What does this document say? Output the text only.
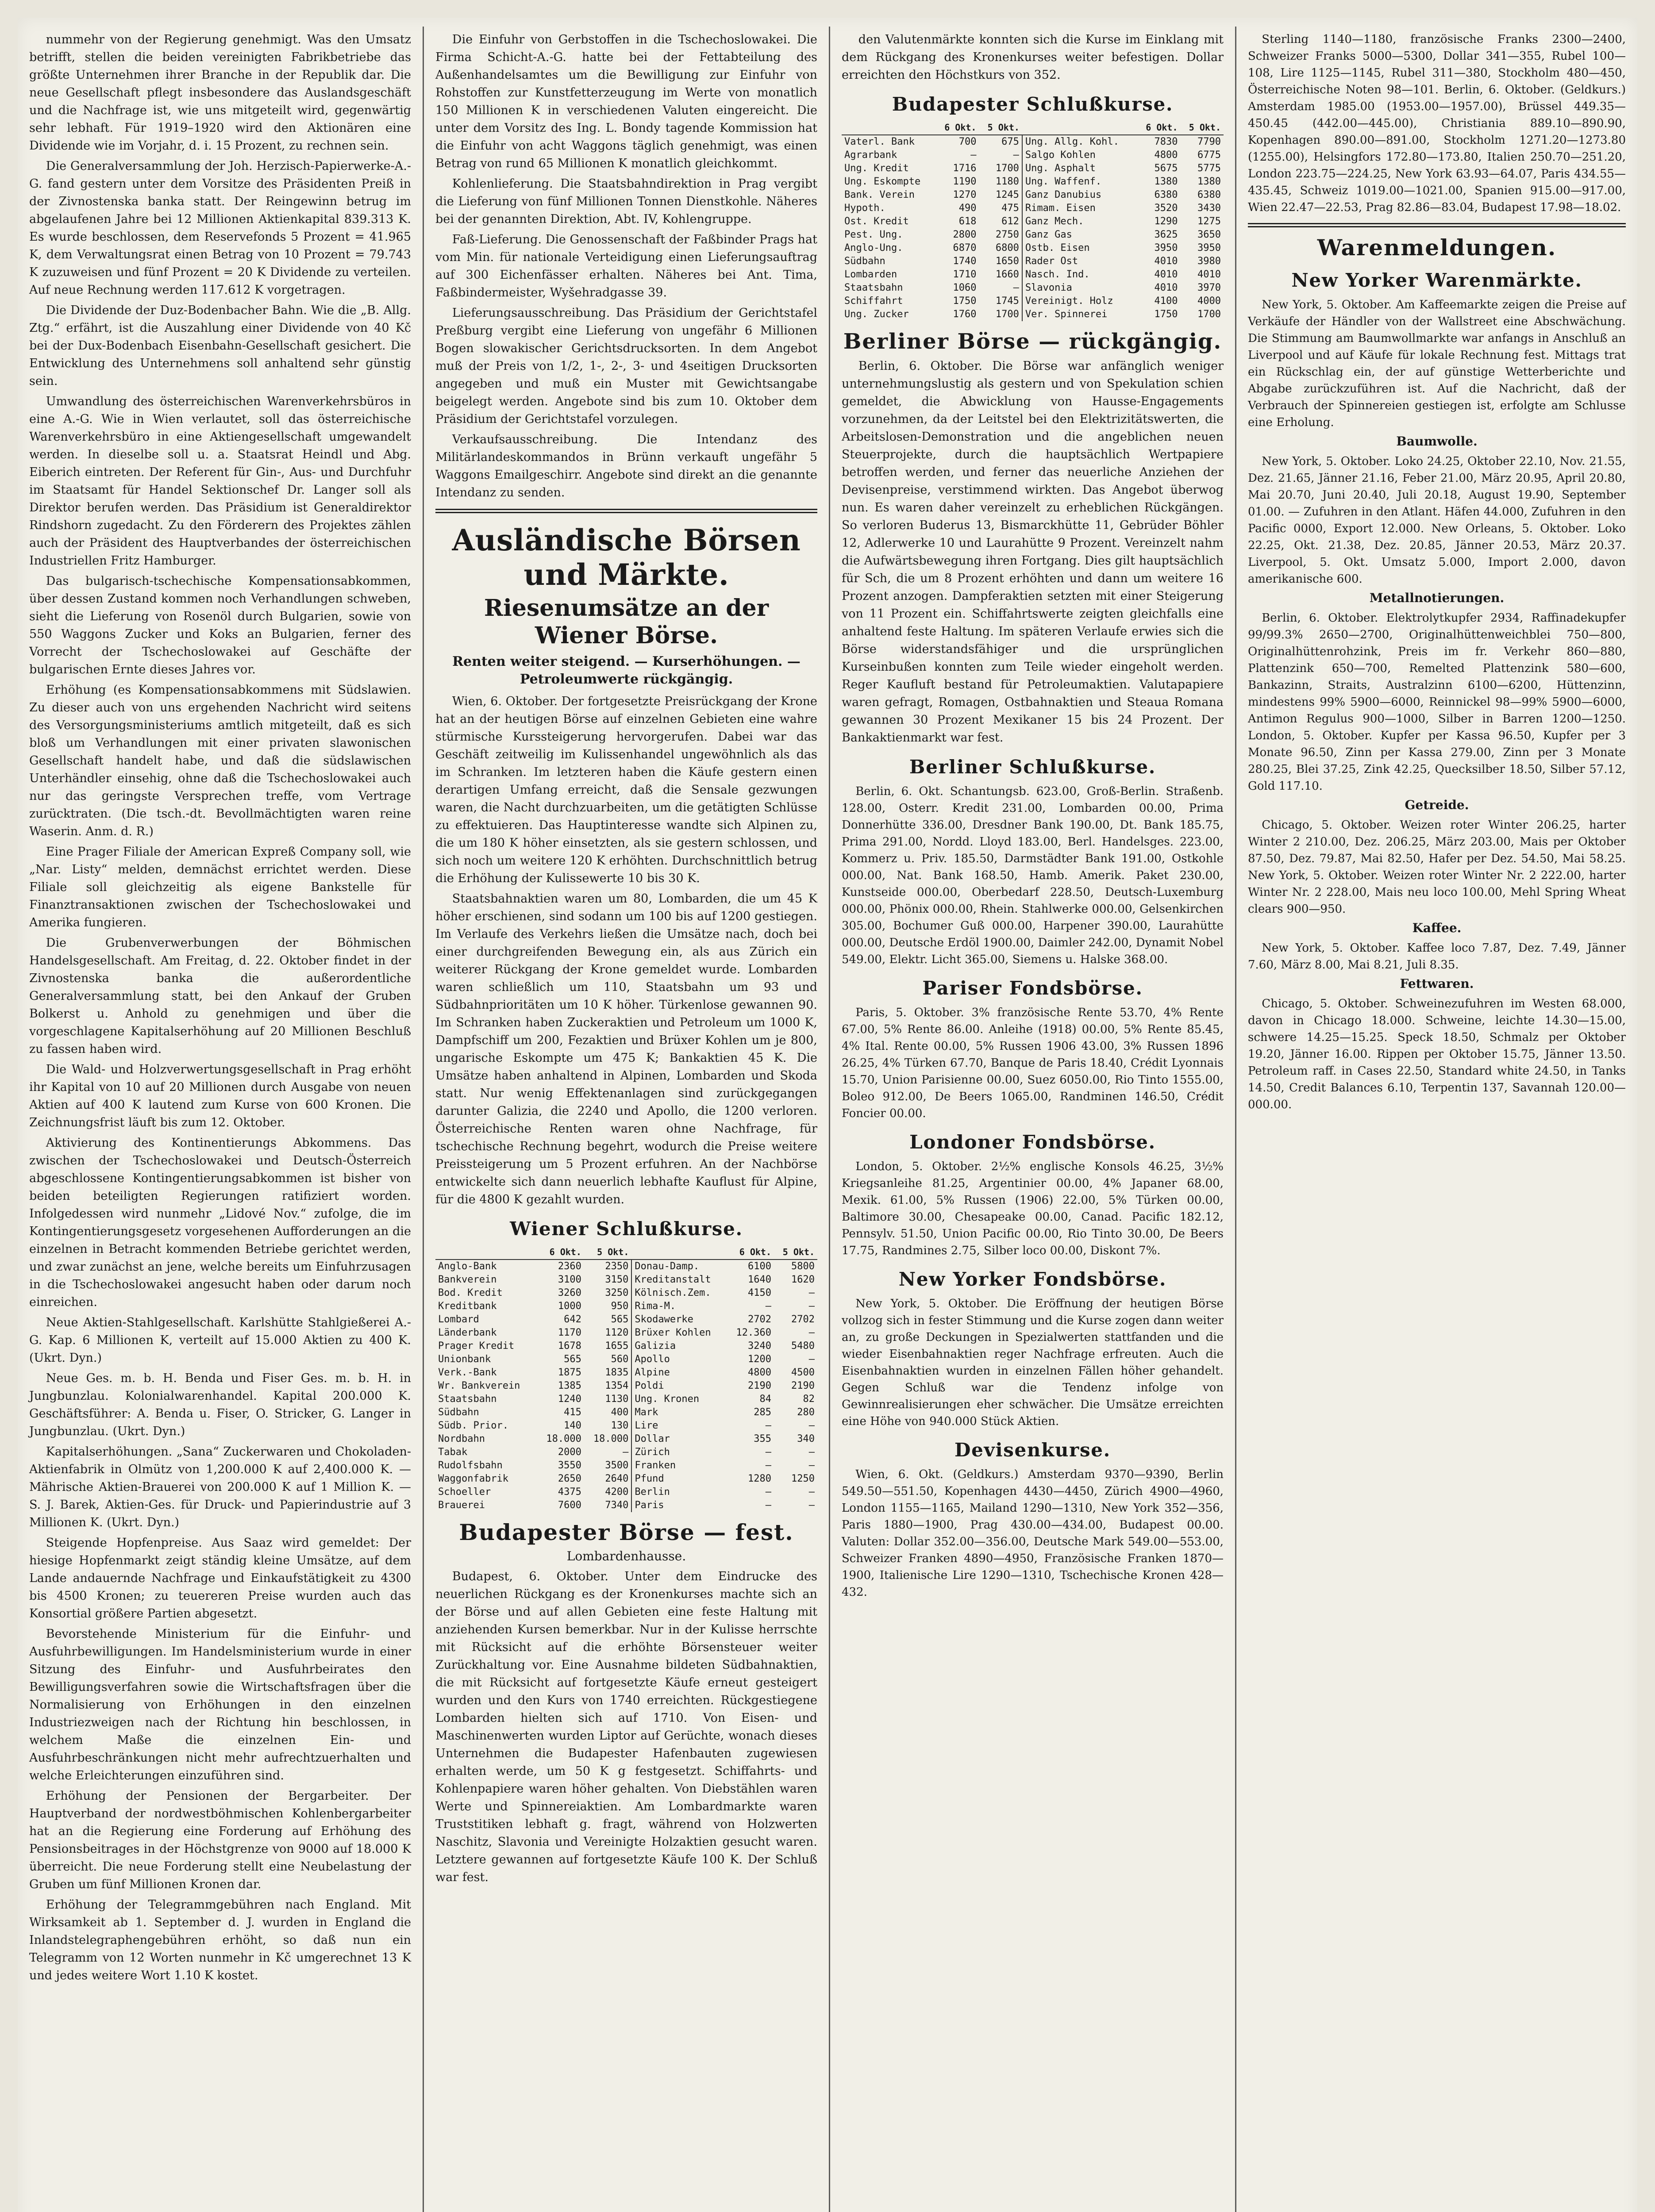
nummehr von der Regierung genehmigt. Was den Umsatz betrifft, stellen die beiden vereinigten Fabrikbetriebe das größte Unternehmen ihrer Branche in der Republik dar. Die neue Gesellschaft pflegt insbesondere das Auslandsgeschäft und die Nachfrage ist, wie uns mitgeteilt wird, gegenwärtig sehr lebhaft. Für 1919–1920 wird den Aktionären eine Dividende wie im Vorjahr, d. i. 15 Prozent, zu rechnen sein.

Die Generalversammlung der Joh. Herzisch-Papierwerke-A.-G. fand gestern unter dem Vorsitze des Präsidenten Preiß in der Zivnostenska banka statt. Der Reingewinn betrug im abgelaufenen Jahre bei 12 Millionen Aktienkapital 839.313 K. Es wurde beschlossen, dem Reservefonds 5 Prozent = 41.965 K, dem Verwaltungsrat einen Betrag von 10 Prozent = 79.743 K zuzuweisen und fünf Prozent = 20 K Dividende zu verteilen. Auf neue Rechnung werden 117.612 K vorgetragen.

Die Dividende der Duz-Bodenbacher Bahn. Wie die „B. Allg. Ztg.“ erfährt, ist die Auszahlung einer Dividende von 40 Kč bei der Dux-Bodenbach Eisenbahn-Gesellschaft gesichert. Die Entwicklung des Unternehmens soll anhaltend sehr günstig sein.

Umwandlung des österreichischen Warenverkehrsbüros in eine A.-G. Wie in Wien verlautet, soll das österreichische Warenverkehrsbüro in eine Aktiengesellschaft umgewandelt werden. In dieselbe soll u. a. Staatsrat Heindl und Abg. Eiberich eintreten. Der Referent für Gin-, Aus- und Durchfuhr im Staatsamt für Handel Sektionschef Dr. Langer soll als Direktor berufen werden. Das Präsidium ist Generaldirektor Rindshorn zugedacht. Zu den Förderern des Projektes zählen auch der Präsident des Hauptverbandes der österreichischen Industriellen Fritz Hamburger.

Das bulgarisch-tschechische Kompensationsabkommen, über dessen Zustand kommen noch Verhandlungen schweben, sieht die Lieferung von Rosenöl durch Bulgarien, sowie von 550 Waggons Zucker und Koks an Bulgarien, ferner des Vorrecht der Tschechoslowakei auf Geschäfte der bulgarischen Ernte dieses Jahres vor.

Erhöhung (es Kompensationsabkommens mit Südslawien. Zu dieser auch von uns ergehenden Nachricht wird seitens des Versorgungsministeriums amtlich mitgeteilt, daß es sich bloß um Verhandlungen mit einer privaten slawonischen Gesellschaft handelt habe, und daß die südslawischen Unterhändler einsehig, ohne daß die Tschechoslowakei auch nur das geringste Versprechen treffe, vom Vertrage zurücktraten. (Die tsch.-dt. Bevollmächtigten waren reine Waserin. Anm. d. R.)

Eine Prager Filiale der American Expreß Company soll, wie „Nar. Listy“ melden, demnächst errichtet werden. Diese Filiale soll gleichzeitig als eigene Bankstelle für Finanztransaktionen zwischen der Tschechoslowakei und Amerika fungieren.

Die Grubenverwerbungen der Böhmischen Handelsgesellschaft. Am Freitag, d. 22. Oktober findet in der Zivnostenska banka die außerordentliche Generalversammlung statt, bei den Ankauf der Gruben Bolkerst u. Anhold zu genehmigen und über die vorgeschlagene Kapitalserhöhung auf 20 Millionen Beschluß zu fassen haben wird.

Die Wald- und Holzverwertungsgesellschaft in Prag erhöht ihr Kapital von 10 auf 20 Millionen durch Ausgabe von neuen Aktien auf 400 K lautend zum Kurse von 600 Kronen. Die Zeichnungsfrist läuft bis zum 12. Oktober.

Aktivierung des Kontinentierungs Abkommens. Das zwischen der Tschechoslowakei und Deutsch-Österreich abgeschlossene Kontingentierungsabkommen ist bisher von beiden beteiligten Regierungen ratifiziert worden. Infolgedessen wird nunmehr „Lidové Nov.“ zufolge, die im Kontingentierungsgesetz vorgesehenen Aufforderungen an die einzelnen in Betracht kommenden Betriebe gerichtet werden, und zwar zunächst an jene, welche bereits um Einfuhrzusagen in die Tschechoslowakei angesucht haben oder darum noch einreichen.

Neue Aktien-Stahlgesellschaft. Karlshütte Stahlgießerei A.-G. Kap. 6 Millionen K, verteilt auf 15.000 Aktien zu 400 K. (Ukrt. Dyn.)

Neue Ges. m. b. H. Benda und Fiser Ges. m. b. H. in Jungbunzlau. Kolonialwarenhandel. Kapital 200.000 K. Geschäftsführer: A. Benda u. Fiser, O. Stricker, G. Langer in Jungbunzlau. (Ukrt. Dyn.)

Kapitalserhöhungen. „Sana“ Zuckerwaren und Chokoladen-Aktienfabrik in Olmütz von 1,200.000 K auf 2,400.000 K. — Mährische Aktien-Brauerei von 200.000 K auf 1 Million K. — S. J. Barek, Aktien-Ges. für Druck- und Papierindustrie auf 3 Millionen K. (Ukrt. Dyn.)

Steigende Hopfenpreise. Aus Saaz wird gemeldet: Der hiesige Hopfenmarkt zeigt ständig kleine Umsätze, auf dem Lande andauernde Nachfrage und Einkaufstätigkeit zu 4300 bis 4500 Kronen; zu teuereren Preise wurden auch das Konsortial größere Partien abgesetzt.

Bevorstehende Ministerium für die Einfuhr- und Ausfuhrbewilligungen. Im Handelsministerium wurde in einer Sitzung des Einfuhr- und Ausfuhrbeirates den Bewilligungsverfahren sowie die Wirtschaftsfragen über die Normalisierung von Erhöhungen in den einzelnen Industriezweigen nach der Richtung hin beschlossen, in welchem Maße die einzelnen Ein- und Ausfuhrbeschränkungen nicht mehr aufrechtzuerhalten und welche Erleichterungen einzuführen sind.

Erhöhung der Pensionen der Bergarbeiter. Der Hauptverband der nordwestböhmischen Kohlenbergarbeiter hat an die Regierung eine Forderung auf Erhöhung des Pensionsbeitrages in der Höchstgrenze von 9000 auf 18.000 K überreicht. Die neue Forderung stellt eine Neubelastung der Gruben um fünf Millionen Kronen dar.

Erhöhung der Telegrammgebühren nach England. Mit Wirksamkeit ab 1. September d. J. wurden in England die Inlandstelegraphengebühren erhöht, so daß nun ein Telegramm von 12 Worten nunmehr in Kč umgerechnet 13 K und jedes weitere Wort 1.10 K kostet.

Die Einfuhr von Gerbstoffen in die Tschechoslowakei. Die Firma Schicht-A.-G. hatte bei der Fettabteilung des Außenhandelsamtes um die Bewilligung zur Einfuhr von Rohstoffen zur Kunstfetterzeugung im Werte von monatlich 150 Millionen K in verschiedenen Valuten eingereicht. Die unter dem Vorsitz des Ing. L. Bondy tagende Kommission hat die Einfuhr von acht Waggons täglich genehmigt, was einen Betrag von rund 65 Millionen K monatlich gleichkommt.

Kohlenlieferung. Die Staatsbahndirektion in Prag vergibt die Lieferung von fünf Millionen Tonnen Dienstkohle. Näheres bei der genannten Direktion, Abt. IV, Kohlengruppe.

Faß-Lieferung. Die Genossenschaft der Faßbinder Prags hat vom Min. für nationale Verteidigung einen Lieferungsauftrag auf 300 Eichenfässer erhalten. Näheres bei Ant. Tima, Faßbindermeister, Wyšehradgasse 39.

Lieferungsausschreibung. Das Präsidium der Gerichtstafel Preßburg vergibt eine Lieferung von ungefähr 6 Millionen Bogen slowakischer Gerichtsdrucksorten. In dem Angebot muß der Preis von 1/2, 1-, 2-, 3- und 4seitigen Drucksorten angegeben und muß ein Muster mit Gewichtsangabe beigelegt werden. Angebote sind bis zum 10. Oktober dem Präsidium der Gerichtstafel vorzulegen.

Verkaufsausschreibung. Die Intendanz des Militärlandeskommandos in Brünn verkauft ungefähr 5 Waggons Emailgeschirr. Angebote sind direkt an die genannte Intendanz zu senden.

Ausländische Börsen und Märkte.
Riesenumsätze an der Wiener Börse.
Renten weiter steigend. — Kurserhöhungen. — Petroleumwerte rückgängig.

Wien, 6. Oktober. Der fortgesetzte Preisrückgang der Krone hat an der heutigen Börse auf einzelnen Gebieten eine wahre stürmische Kurssteigerung hervorgerufen. Dabei war das Geschäft zeitweilig im Kulissenhandel ungewöhnlich als das im Schranken. Im letzteren haben die Käufe gestern einen derartigen Umfang erreicht, daß die Sensale gezwungen waren, die Nacht durchzuarbeiten, um die getätigten Schlüsse zu effektuieren. Das Hauptinteresse wandte sich Alpinen zu, die um 180 K höher einsetzten, als sie gestern schlossen, und sich noch um weitere 120 K erhöhten. Durchschnittlich betrug die Erhöhung der Kulissewerte 10 bis 30 K.

Staatsbahnaktien waren um 80, Lombarden, die um 45 K höher erschienen, sind sodann um 100 bis auf 1200 gestiegen. Im Verlaufe des Verkehrs ließen die Umsätze nach, doch bei einer durchgreifenden Bewegung ein, als aus Zürich ein weiterer Rückgang der Krone gemeldet wurde. Lombarden waren schließlich um 110, Staatsbahn um 93 und Südbahnprioritäten um 10 K höher. Türkenlose gewannen 90. Im Schranken haben Zuckeraktien und Petroleum um 1000 K, Dampfschiff um 200, Fezaktien und Brüxer Kohlen um je 800, ungarische Eskompte um 475 K; Bankaktien 45 K. Die Umsätze haben anhaltend in Alpinen, Lombarden und Skoda statt. Nur wenig Effektenanlagen sind zurückgegangen darunter Galizia, die 2240 und Apollo, die 1200 verloren. Österreichische Renten waren ohne Nachfrage, für tschechische Rechnung begehrt, wodurch die Preise weitere Preissteigerung um 5 Prozent erfuhren. An der Nachbörse entwickelte sich dann neuerlich lebhafte Kauflust für Alpine, für die 4800 K gezahlt wurden.

Wiener Schlußkurse.
	6 Okt.	5 Okt.		6 Okt.	5 Okt.
Anglo-Bank	2360	2350	Donau-Damp.	6100	5800
Bankverein	3100	3150	Kreditanstalt	1640	1620
Bod. Kredit	3260	3250	Kölnisch.Zem.	4150	—
Kreditbank	1000	950	Rima-M.	—	—
Lombard	642	565	Skodawerke	2702	2702
Länderbank	1170	1120	Brüxer Kohlen	12.360	—
Prager Kredit	1678	1655	Galizia	3240	5480
Unionbank	565	560	Apollo	1200	—
Verk.-Bank	1875	1835	Alpine	4800	4500
Wr. Bankverein	1385	1354	Poldi	2190	2190
Staatsbahn	1240	1130	Ung. Kronen	84	82
Südbahn	415	400	Mark	285	280
Südb. Prior.	140	130	Lire	—	—
Nordbahn	18.000	18.000	Dollar	355	340
Tabak	2000	—	Zürich	—	—
Rudolfsbahn	3550	3500	Franken	—	—
Waggonfabrik	2650	2640	Pfund	1280	1250
Schoeller	4375	4200	Berlin	—	—
Brauerei	7600	7340	Paris	—	—
Budapester Börse — fest.
Lombardenhausse.

Budapest, 6. Oktober. Unter dem Eindrucke des neuerlichen Rückgang es der Kronenkurses machte sich an der Börse und auf allen Gebieten eine feste Haltung mit anziehenden Kursen bemerkbar. Nur in der Kulisse herrschte mit Rücksicht auf die erhöhte Börsensteuer weiter Zurückhaltung vor. Eine Ausnahme bildeten Südbahnaktien, die mit Rücksicht auf fortgesetzte Käufe erneut gesteigert wurden und den Kurs von 1740 erreichten. Rückgestiegene Lombarden hielten sich auf 1710. Von Eisen- und Maschinenwerten wurden Liptor auf Gerüchte, wonach dieses Unternehmen die Budapester Hafenbauten zugewiesen erhalten werde, um 50 K g festgesetzt. Schiffahrts- und Kohlenpapiere waren höher gehalten. Von Diebstählen waren Werte und Spinnereiaktien. Am Lombardmarkte waren Truststitiken lebhaft g. fragt, während von Holzwerten Naschitz, Slavonia und Vereinigte Holzaktien gesucht waren. Letztere gewannen auf fortgesetzte Käufe 100 K. Der Schluß war fest.

den Valutenmärkte konnten sich die Kurse im Einklang mit dem Rückgang des Kronenkurses weiter befestigen. Dollar erreichten den Höchstkurs von 352.

Budapester Schlußkurse.
	6 Okt.	5 Okt.		6 Okt.	5 Okt.
Vaterl. Bank	700	675	Ung. Allg. Kohl.	7830	7790
Agrarbank	—	—	Salgo Kohlen	4800	6775
Ung. Kredit	1716	1700	Ung. Asphalt	5675	5775
Ung. Eskompte	1190	1180	Ung. Waffenf.	1380	1380
Bank. Verein	1270	1245	Ganz Danubius	6380	6380
Hypoth.	490	475	Rimam. Eisen	3520	3430
Ost. Kredit	618	612	Ganz Mech.	1290	1275
Pest. Ung.	2800	2750	Ganz Gas	3625	3650
Anglo-Ung.	6870	6800	Ostb. Eisen	3950	3950
Südbahn	1740	1650	Rader Ost	4010	3980
Lombarden	1710	1660	Nasch. Ind.	4010	4010
Staatsbahn	1060	—	Slavonia	4010	3970
Schiffahrt	1750	1745	Vereinigt. Holz	4100	4000
Ung. Zucker	1760	1700	Ver. Spinnerei	1750	1700
Berliner Börse — rückgängig.

Berlin, 6. Oktober. Die Börse war anfänglich weniger unternehmungslustig als gestern und von Spekulation schien gemeldet, die Abwicklung von Hausse-Engagements vorzunehmen, da der Leitstel bei den Elektrizitätswerten, die Arbeitslosen-Demonstration und die angeblichen neuen Steuerprojekte, durch die hauptsächlich Wertpapiere betroffen werden, und ferner das neuerliche Anziehen der Devisenpreise, verstimmend wirkten. Das Angebot überwog nun. Es waren daher vereinzelt zu erheblichen Rückgängen. So verloren Buderus 13, Bismarckhütte 11, Gebrüder Böhler 12, Adlerwerke 10 und Laurahütte 9 Prozent. Vereinzelt nahm die Aufwärtsbewegung ihren Fortgang. Dies gilt hauptsächlich für Sch, die um 8 Prozent erhöhten und dann um weitere 16 Prozent anzogen. Dampferaktien setzten mit einer Steigerung von 11 Prozent ein. Schiffahrtswerte zeigten gleichfalls eine anhaltend feste Haltung. Im späteren Verlaufe erwies sich die Börse widerstandsfähiger und die ursprünglichen Kurseinbußen konnten zum Teile wieder eingeholt werden. Reger Kaufluft bestand für Petroleumaktien. Valutapapiere waren gefragt, Romagen, Ostbahnaktien und Steaua Romana gewannen 30 Prozent Mexikaner 15 bis 24 Prozent. Der Bankaktienmarkt war fest.

Berliner Schlußkurse.

Berlin, 6. Okt. Schantungsb. 623.00, Groß-Berlin. Straßenb. 128.00, Osterr. Kredit 231.00, Lombarden 00.00, Prima Donnerhütte 336.00, Dresdner Bank 190.00, Dt. Bank 185.75, Prima 291.00, Nordd. Lloyd 183.00, Berl. Handelsges. 223.00, Kommerz u. Priv. 185.50, Darmstädter Bank 191.00, Ostkohle 000.00, Nat. Bank 168.50, Hamb. Amerik. Paket 230.00, Kunstseide 000.00, Oberbedarf 228.50, Deutsch-Luxemburg 000.00, Phönix 000.00, Rhein. Stahlwerke 000.00, Gelsenkirchen 305.00, Bochumer Guß 000.00, Harpener 390.00, Laurahütte 000.00, Deutsche Erdöl 1900.00, Daimler 242.00, Dynamit Nobel 549.00, Elektr. Licht 365.00, Siemens u. Halske 368.00.

Pariser Fondsbörse.

Paris, 5. Oktober. 3% französische Rente 53.70, 4% Rente 67.00, 5% Rente 86.00. Anleihe (1918) 00.00, 5% Rente 85.45, 4% Ital. Rente 00.00, 5% Russen 1906 43.00, 3% Russen 1896 26.25, 4% Türken 67.70, Banque de Paris 18.40, Crédit Lyonnais 15.70, Union Parisienne 00.00, Suez 6050.00, Rio Tinto 1555.00, Boleo 912.00, De Beers 1065.00, Randminen 146.50, Crédit Foncier 00.00.

Londoner Fondsbörse.

London, 5. Oktober. 2½% englische Konsols 46.25, 3½% Kriegsanleihe 81.25, Argentinier 00.00, 4% Japaner 68.00, Mexik. 61.00, 5% Russen (1906) 22.00, 5% Türken 00.00, Baltimore 30.00, Chesapeake 00.00, Canad. Pacific 182.12, Pennsylv. 51.50, Union Pacific 00.00, Rio Tinto 30.00, De Beers 17.75, Randmines 2.75, Silber loco 00.00, Diskont 7%.

New Yorker Fondsbörse.

New York, 5. Oktober. Die Eröffnung der heutigen Börse vollzog sich in fester Stimmung und die Kurse zogen dann weiter an, zu große Deckungen in Spezialwerten stattfanden und die wieder Eisenbahnaktien reger Nachfrage erfreuten. Auch die Eisenbahnaktien wurden in einzelnen Fällen höher gehandelt. Gegen Schluß war die Tendenz infolge von Gewinnrealisierungen eher schwächer. Die Umsätze erreichten eine Höhe von 940.000 Stück Aktien.

Devisenkurse.

Wien, 6. Okt. (Geldkurs.) Amsterdam 9370—9390, Berlin 549.50—551.50, Kopenhagen 4430—4450, Zürich 4900—4960, London 1155—1165, Mailand 1290—1310, New York 352—356, Paris 1880—1900, Prag 430.00—434.00, Budapest 00.00. Valuten: Dollar 352.00—356.00, Deutsche Mark 549.00—553.00, Schweizer Franken 4890—4950, Französische Franken 1870—1900, Italienische Lire 1290—1310, Tschechische Kronen 428—432.

Sterling 1140—1180, französische Franks 2300—2400, Schweizer Franks 5000—5300, Dollar 341—355, Rubel 100—108, Lire 1125—1145, Rubel 311—380, Stockholm 480—450, Österreichische Noten 98—101. Berlin, 6. Oktober. (Geldkurs.) Amsterdam 1985.00 (1953.00—1957.00), Brüssel 449.35—450.45 (442.00—445.00), Christiania 889.10—890.90, Kopenhagen 890.00—891.00, Stockholm 1271.20—1273.80 (1255.00), Helsingfors 172.80—173.80, Italien 250.70—251.20, London 223.75—224.25, New York 63.93—64.07, Paris 434.55—435.45, Schweiz 1019.00—1021.00, Spanien 915.00—917.00, Wien 22.47—22.53, Prag 82.86—83.04, Budapest 17.98—18.02.

Warenmeldungen.
New Yorker Warenmärkte.

New York, 5. Oktober. Am Kaffeemarkte zeigen die Preise auf Verkäufe der Händler von der Wallstreet eine Abschwächung. Die Stimmung am Baumwollmarkte war anfangs in Anschluß an Liverpool und auf Käufe für lokale Rechnung fest. Mittags trat ein Rückschlag ein, der auf günstige Wetterberichte und Abgabe zurückzuführen ist. Auf die Nachricht, daß der Verbrauch der Spinnereien gestiegen ist, erfolgte am Schlusse eine Erholung.

Baumwolle.

New York, 5. Oktober. Loko 24.25, Oktober 22.10, Nov. 21.55, Dez. 21.65, Jänner 21.16, Feber 21.00, März 20.95, April 20.80, Mai 20.70, Juni 20.40, Juli 20.18, August 19.90, September 01.00. — Zufuhren in den Atlant. Häfen 44.000, Zufuhren in den Pacific 0000, Export 12.000. New Orleans, 5. Oktober. Loko 22.25, Okt. 21.38, Dez. 20.85, Jänner 20.53, März 20.37. Liverpool, 5. Okt. Umsatz 5.000, Import 2.000, davon amerikanische 600.

Metallnotierungen.

Berlin, 6. Oktober. Elektrolytkupfer 2934, Raffinadekupfer 99/99.3% 2650—2700, Originalhüttenweichblei 750—800, Originalhüttenrohzink, Preis im fr. Verkehr 860—880, Plattenzink 650—700, Remelted Plattenzink 580—600, Bankazinn, Straits, Australzinn 6100—6200, Hüttenzinn, mindestens 99% 5900—6000, Reinnickel 98—99% 5900—6000, Antimon Regulus 900—1000, Silber in Barren 1200—1250. London, 5. Oktober. Kupfer per Kassa 96.50, Kupfer per 3 Monate 96.50, Zinn per Kassa 279.00, Zinn per 3 Monate 280.25, Blei 37.25, Zink 42.25, Quecksilber 18.50, Silber 57.12, Gold 117.10.

Getreide.

Chicago, 5. Oktober. Weizen roter Winter 206.25, harter Winter 2 210.00, Dez. 206.25, März 203.00, Mais per Oktober 87.50, Dez. 79.87, Mai 82.50, Hafer per Dez. 54.50, Mai 58.25. New York, 5. Oktober. Weizen roter Winter Nr. 2 222.00, harter Winter Nr. 2 228.00, Mais neu loco 100.00, Mehl Spring Wheat clears 900—950.

Kaffee.

New York, 5. Oktober. Kaffee loco 7.87, Dez. 7.49, Jänner 7.60, März 8.00, Mai 8.21, Juli 8.35.

Fettwaren.

Chicago, 5. Oktober. Schweinezufuhren im Westen 68.000, davon in Chicago 18.000. Schweine, leichte 14.30—15.00, schwere 14.25—15.25. Speck 18.50, Schmalz per Oktober 19.20, Jänner 16.00. Rippen per Oktober 15.75, Jänner 13.50. Petroleum raff. in Cases 22.50, Standard white 24.50, in Tanks 14.50, Credit Balances 6.10, Terpentin 137, Savannah 120.00—000.00.
